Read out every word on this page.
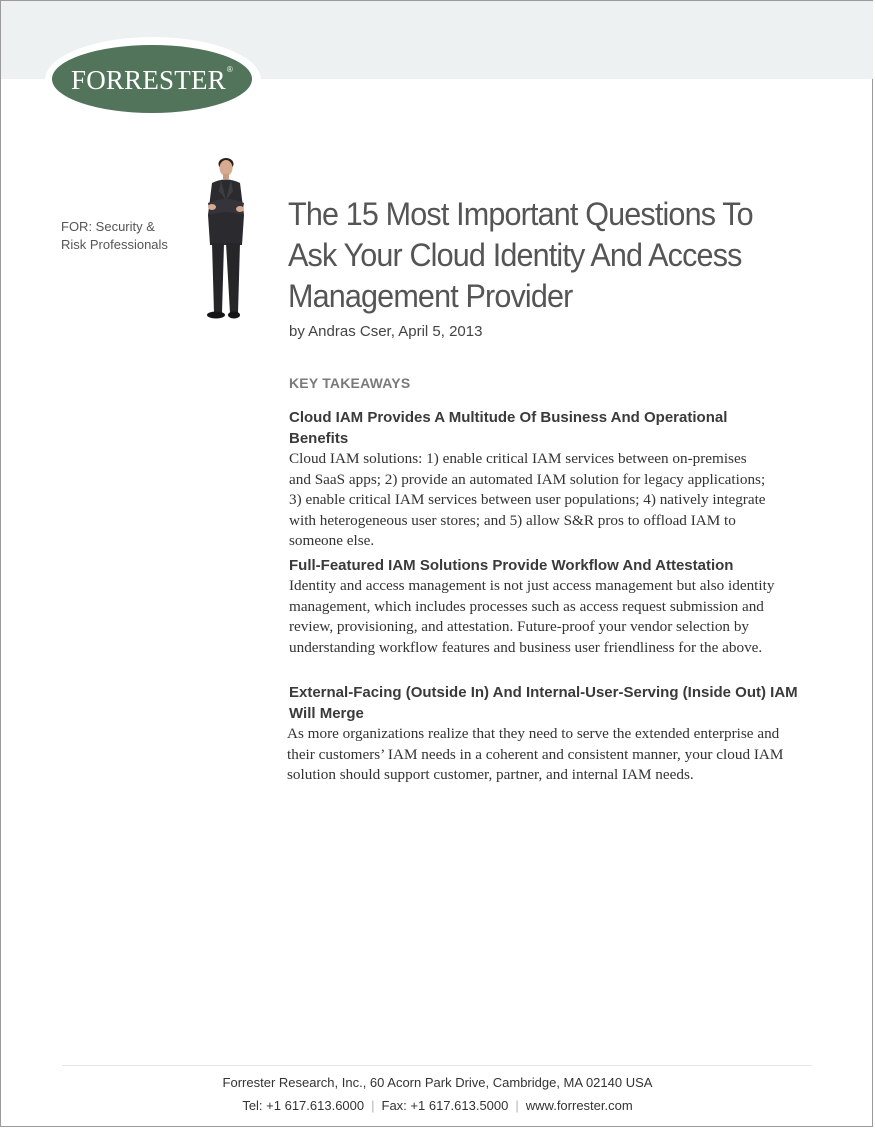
FORRESTER®
FOR: Security &
Risk Professionals
The 15 Most Important Questions To
Ask Your Cloud Identity And Access
Management Provider
by Andras Cser, April 5, 2013
KEY TAKEAWAYS
Cloud IAM Provides A Multitude Of Business And Operational Benefits

Cloud IAM solutions: 1) enable critical IAM services between on-premises and SaaS apps; 2) provide an automated IAM solution for legacy applications; 3) enable critical IAM services between user populations; 4) natively integrate with heterogeneous user stores; and 5) allow S&R pros to offload IAM to someone else.

Full-Featured IAM Solutions Provide Workflow And Attestation

Identity and access management is not just access management but also identity management, which includes processes such as access request submission and review, provisioning, and attestation. Future-proof your vendor selection by understanding workflow features and business user friendliness for the above.

External-Facing (Outside In) And Internal-User-Serving (Inside Out) IAM Will Merge

As more organizations realize that they need to serve the extended enterprise and their customers’ IAM needs in a coherent and consistent manner, your cloud IAM solution should support customer, partner, and internal IAM needs.

Forrester Research, Inc., 60 Acorn Park Drive, Cambridge, MA 02140 USA
Tel: +1 617.613.6000 | Fax: +1 617.613.5000 | www.forrester.com
